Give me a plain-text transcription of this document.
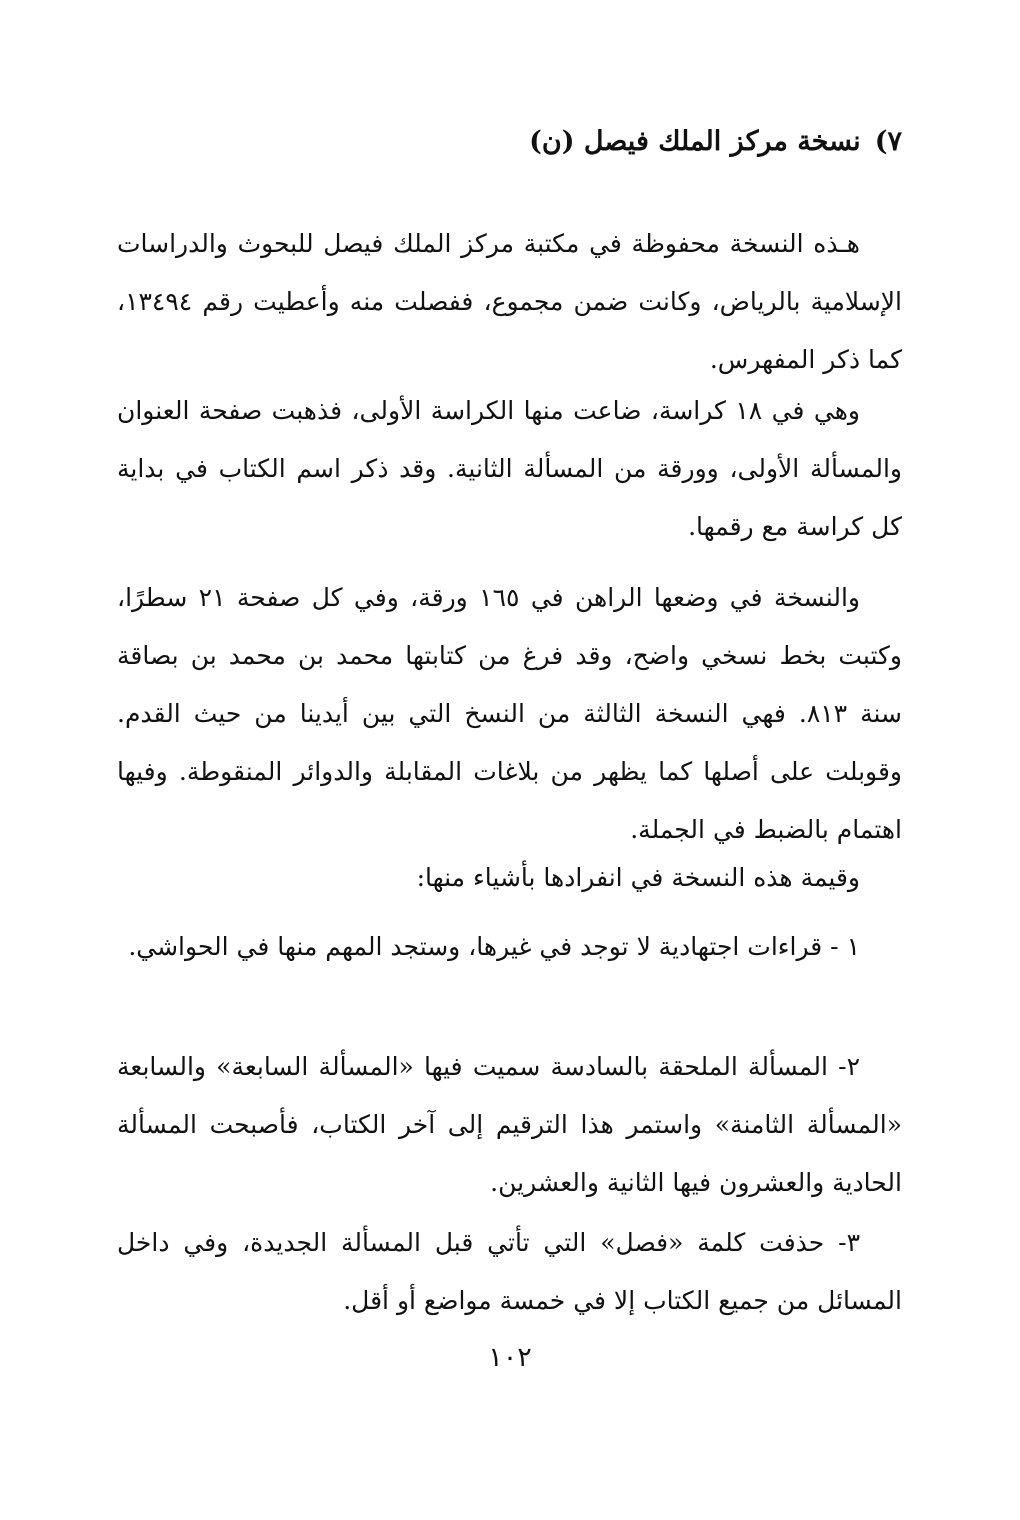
٧)نسخة مركز الملك فيصل (ن)

هـذه النسخة محفوظة في مكتبة مركز الملك فيصل للبحوث والدراسات الإسلامية بالرياض، وكانت ضمن مجموع، ففصلت منه وأعطيت رقم ١٣٤٩٤، كما ذكر المفهرس.

وهي في ١٨ كراسة، ضاعت منها الكراسة الأولى، فذهبت صفحة العنوان والمسألة الأولى، وورقة من المسألة الثانية. وقد ذكر اسم الكتاب في بداية كل كراسة مع رقمها.

والنسخة في وضعها الراهن في ١٦٥ ورقة، وفي كل صفحة ٢١ سطرًا، وكتبت بخط نسخي واضح، وقد فرغ من كتابتها محمد بن محمد بن بصاقة سنة ٨١٣. فهي النسخة الثالثة من النسخ التي بين أيدينا من حيث القدم. وقوبلت على أصلها كما يظهر من بلاغات المقابلة والدوائر المنقوطة. وفيها اهتمام بالضبط في الجملة.

وقيمة هذه النسخة في انفرادها بأشياء منها:

١ - قراءات اجتهادية لا توجد في غيرها، وستجد المهم منها في الحواشي.

٢- المسألة الملحقة بالسادسة سميت فيها «المسألة السابعة» والسابعة «المسألة الثامنة» واستمر هذا الترقيم إلى آخر الكتاب، فأصبحت المسألة الحادية والعشرون فيها الثانية والعشرين.

٣- حذفت كلمة «فصل» التي تأتي قبل المسألة الجديدة، وفي داخل المسائل من جميع الكتاب إلا في خمسة مواضع أو أقل.

١٠٢
